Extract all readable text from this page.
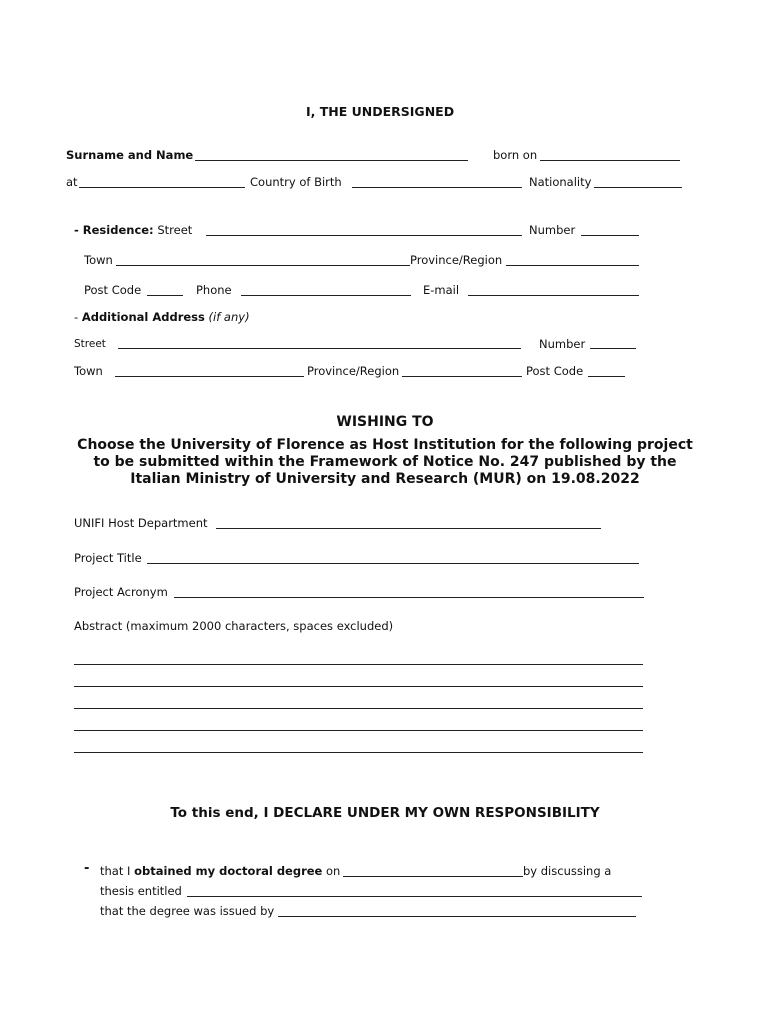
I, THE UNDERSIGNED
Surname and Name	born on
at	Country of Birth	Nationality
- Residence: Street	Number
Town	Province/Region
Post Code	Phone	E-mail
- Additional Address (if any)
Street	Number
Town	Province/Region	Post Code
WISHING TO
Choose the University of Florence as Host Institution for the following project
to be submitted within the Framework of Notice No. 247 published by the
Italian Ministry of University and Research (MUR) on 19.08.2022
UNIFI Host Department
Project Title
Project Acronym
Abstract (maximum 2000 characters, spaces excluded)
To this end, I DECLARE UNDER MY OWN RESPONSIBILITY
- that I obtained my doctoral degree on	by discussing a
thesis entitled
that the degree was issued by
